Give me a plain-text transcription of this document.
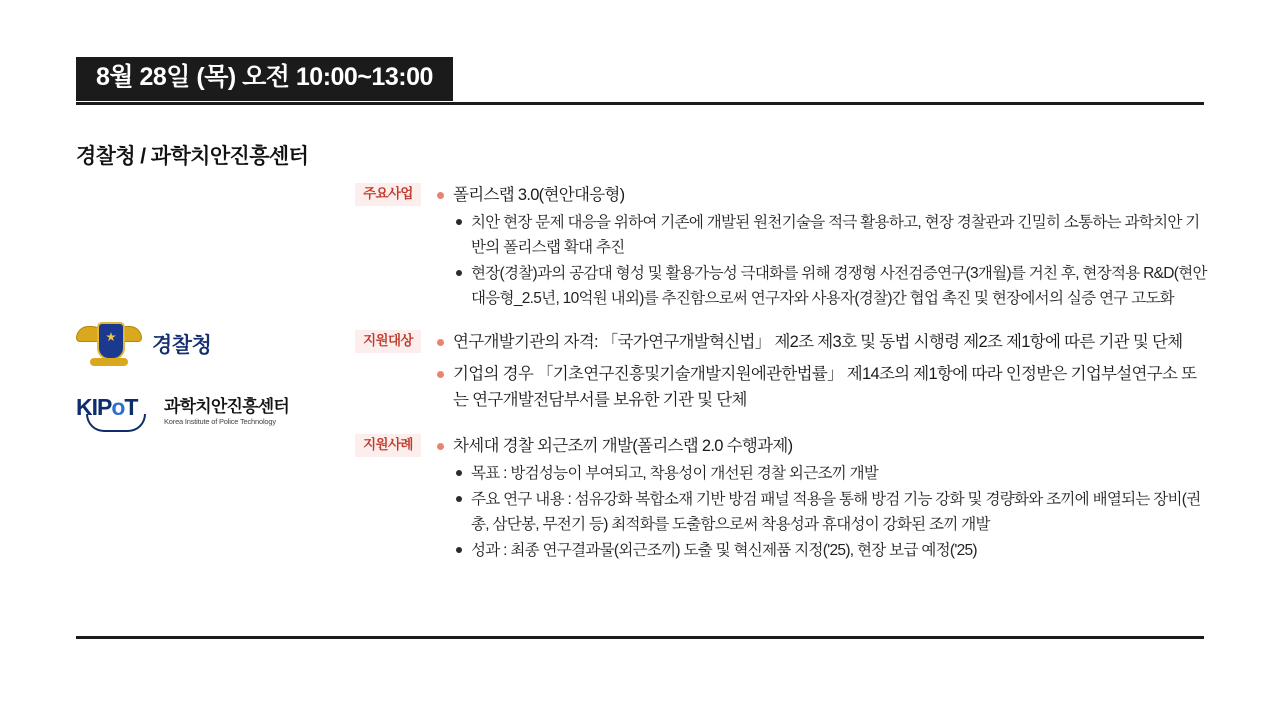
8월 28일 (목) 오전 10:00~13:00
경찰청 / 과학치안진흥센터
경찰청
KIPoT 과학치안진흥센터
Korea Institute of Police Technology
주요사업	폴리스랩 3.0(현안대응형)
치안 현장 문제 대응을 위하여 기존에 개발된 원천기술을 적극 활용하고, 현장 경찰관과 긴밀히 소통하는 과학치안 기반의 폴리스랩 확대 추진
현장(경찰)과의 공감대 형성 및 활용가능성 극대화를 위해 경쟁형 사전검증연구(3개월)를 거친 후, 현장적용 R&D(현안대응형_2.5년, 10억원 내외)를 추진함으로써 연구자와 사용자(경찰)간 협업 촉진 및 현장에서의 실증 연구 고도화
지원대상	연구개발기관의 자격: 「국가연구개발혁신법」 제2조 제3호 및 동법 시행령 제2조 제1항에 따른 기관 및 단체
기업의 경우 「기초연구진흥및기술개발지원에관한법률」 제14조의 제1항에 따라 인정받은 기업부설연구소 또는 연구개발전담부서를 보유한 기관 및 단체
지원사례	차세대 경찰 외근조끼 개발(폴리스랩 2.0 수행과제)
목표 : 방검성능이 부여되고, 착용성이 개선된 경찰 외근조끼 개발
주요 연구 내용 : 섬유강화 복합소재 기반 방검 패널 적용을 통해 방검 기능 강화 및 경량화와 조끼에 배열되는 장비(권총, 삼단봉, 무전기 등) 최적화를 도출함으로써 착용성과 휴대성이 강화된 조끼 개발
성과 : 최종 연구결과물(외근조끼) 도출 및 혁신제품 지정('25), 현장 보급 예정('25)
